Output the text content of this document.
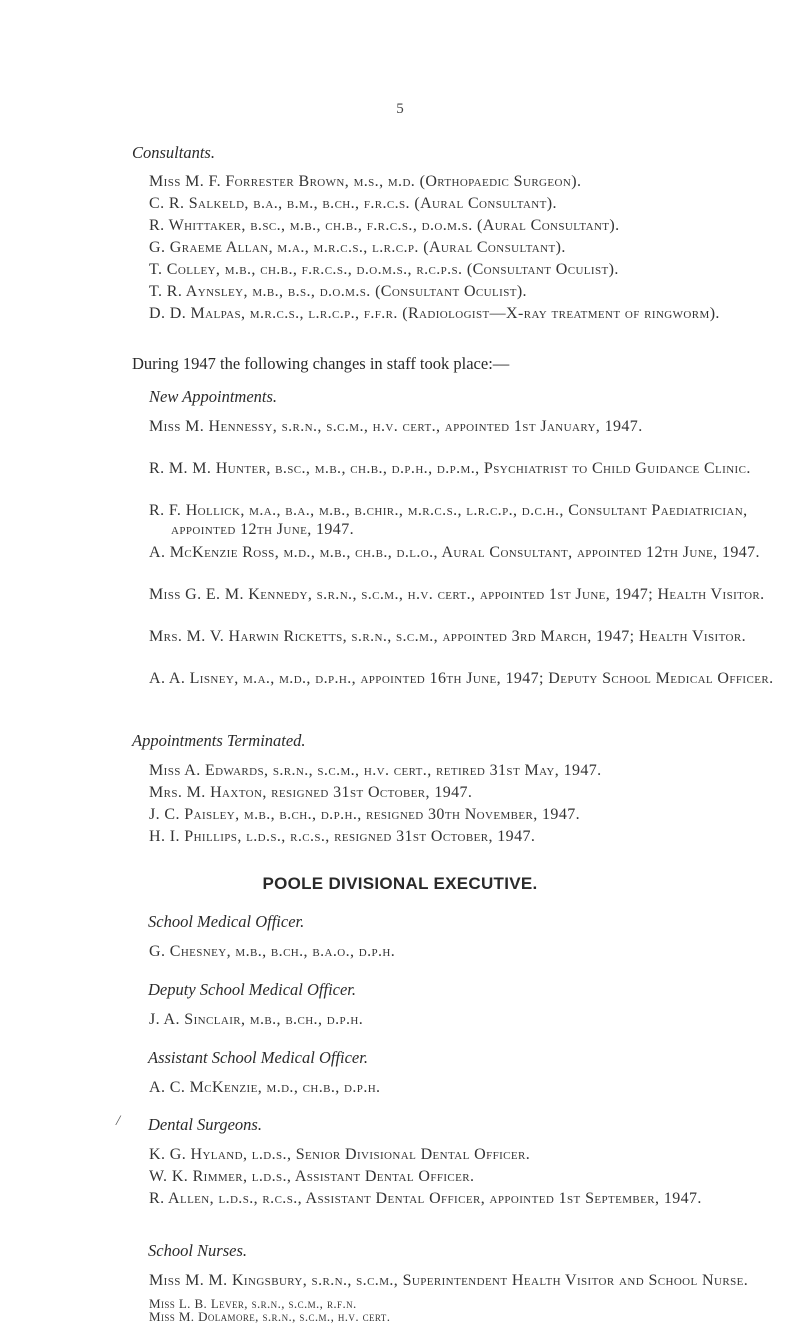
5
Consultants.
Miss M. F. Forrester Brown, m.s., m.d. (Orthopaedic Surgeon).
C. R. Salkeld, b.a., b.m., b.ch., f.r.c.s. (Aural Consultant).
R. Whittaker, b.sc., m.b., ch.b., f.r.c.s., d.o.m.s. (Aural Consultant).
G. Graeme Allan, m.a., m.r.c.s., l.r.c.p. (Aural Consultant).
T. Colley, m.b., ch.b., f.r.c.s., d.o.m.s., r.c.p.s. (Consultant Oculist).
T. R. Aynsley, m.b., b.s., d.o.m.s. (Consultant Oculist).
D. D. Malpas, m.r.c.s., l.r.c.p., f.f.r. (Radiologist—X-ray treatment of ringworm).
During 1947 the following changes in staff took place:—
New Appointments.
Miss M. Hennessy, s.r.n., s.c.m., h.v. cert., appointed 1st January, 1947.
R. M. M. Hunter, b.sc., m.b., ch.b., d.p.h., d.p.m., Psychiatrist to Child Guidance Clinic.
R. F. Hollick, m.a., b.a., m.b., b.chir., m.r.c.s., l.r.c.p., d.c.h., Consultant Paediatrician, appointed 12th June, 1947.
A. McKenzie Ross, m.d., m.b., ch.b., d.l.o., Aural Consultant, appointed 12th June, 1947.
Miss G. E. M. Kennedy, s.r.n., s.c.m., h.v. cert., appointed 1st June, 1947; Health Visitor.
Mrs. M. V. Harwin Ricketts, s.r.n., s.c.m., appointed 3rd March, 1947; Health Visitor.
A. A. Lisney, m.a., m.d., d.p.h., appointed 16th June, 1947; Deputy School Medical Officer.
Appointments Terminated.
Miss A. Edwards, s.r.n., s.c.m., h.v. cert., retired 31st May, 1947.
Mrs. M. Haxton, resigned 31st October, 1947.
J. C. Paisley, m.b., b.ch., d.p.h., resigned 30th November, 1947.
H. I. Phillips, l.d.s., r.c.s., resigned 31st October, 1947.
POOLE DIVISIONAL EXECUTIVE.
School Medical Officer.
G. Chesney, m.b., b.ch., b.a.o., d.p.h.
Deputy School Medical Officer.
J. A. Sinclair, m.b., b.ch., d.p.h.
Assistant School Medical Officer.
A. C. McKenzie, m.d., ch.b., d.p.h.
/ Dental Surgeons.
K. G. Hyland, l.d.s., Senior Divisional Dental Officer.
W. K. Rimmer, l.d.s., Assistant Dental Officer.
R. Allen, l.d.s., r.c.s., Assistant Dental Officer, appointed 1st September, 1947.
School Nurses.
Miss M. M. Kingsbury, s.r.n., s.c.m., Superintendent Health Visitor and School Nurse.
Miss L. B. Lever, s.r.n., s.c.m., r.f.n.
Miss M. Dolamore, s.r.n., s.c.m., h.v. cert.
